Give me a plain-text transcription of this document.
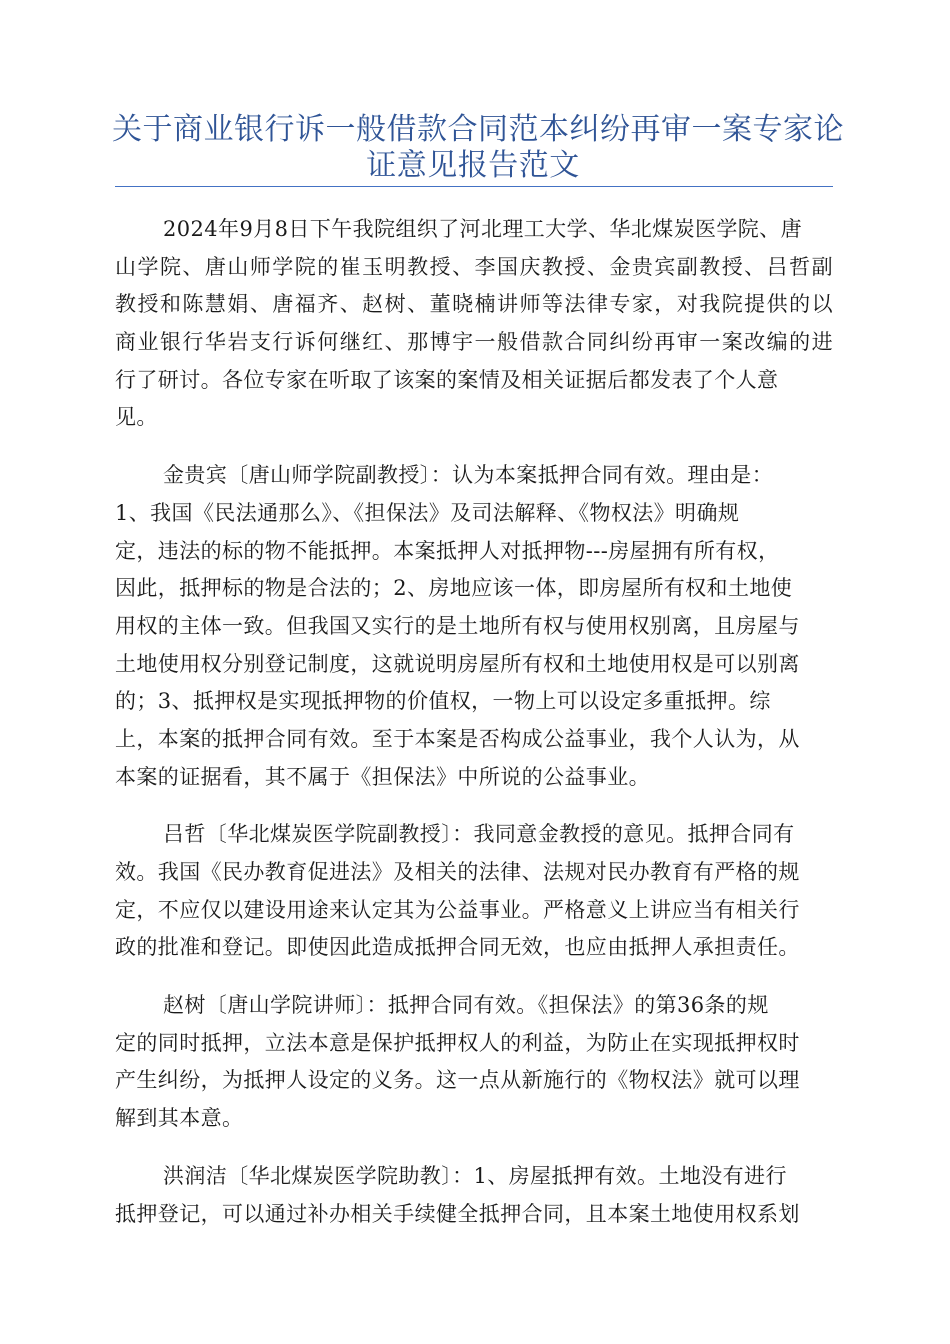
关于商业银行诉一般借款合同范本纠纷再审一案专家论
证意见报告范文
2024年9月8日下午我院组织了河北理工大学、华北煤炭医学院、唐
山学院、唐山师学院的崔玉明教授、李国庆教授、金贵宾副教授、吕哲副
教授和陈慧娟、唐福齐、赵树、董晓楠讲师等法律专家，对我院提供的以
商业银行华岩支行诉何继红、那博宇一般借款合同纠纷再审一案改编的进
行了研讨。各位专家在听取了该案的案情及相关证据后都发表了个人意
见。
金贵宾〔唐山师学院副教授〕：认为本案抵押合同有效。理由是：
1、我国《民法通那么》、《担保法》及司法解释、《物权法》明确规
定，违法的标的物不能抵押。本案抵押人对抵押物---房屋拥有所有权，
因此，抵押标的物是合法的；2、房地应该一体，即房屋所有权和土地使
用权的主体一致。但我国又实行的是土地所有权与使用权别离，且房屋与
土地使用权分别登记制度，这就说明房屋所有权和土地使用权是可以别离
的；3、抵押权是实现抵押物的价值权，一物上可以设定多重抵押。综
上，本案的抵押合同有效。至于本案是否构成公益事业，我个人认为，从
本案的证据看，其不属于《担保法》中所说的公益事业。
吕哲〔华北煤炭医学院副教授〕：我同意金教授的意见。抵押合同有
效。我国《民办教育促进法》及相关的法律、法规对民办教育有严格的规
定，不应仅以建设用途来认定其为公益事业。严格意义上讲应当有相关行
政的批准和登记。即使因此造成抵押合同无效，也应由抵押人承担责任。
赵树〔唐山学院讲师〕：抵押合同有效。《担保法》的第36条的规
定的同时抵押，立法本意是保护抵押权人的利益，为防止在实现抵押权时
产生纠纷，为抵押人设定的义务。这一点从新施行的《物权法》就可以理
解到其本意。
洪润洁〔华北煤炭医学院助教〕：1、房屋抵押有效。土地没有进行
抵押登记，可以通过补办相关手续健全抵押合同，且本案土地使用权系划
